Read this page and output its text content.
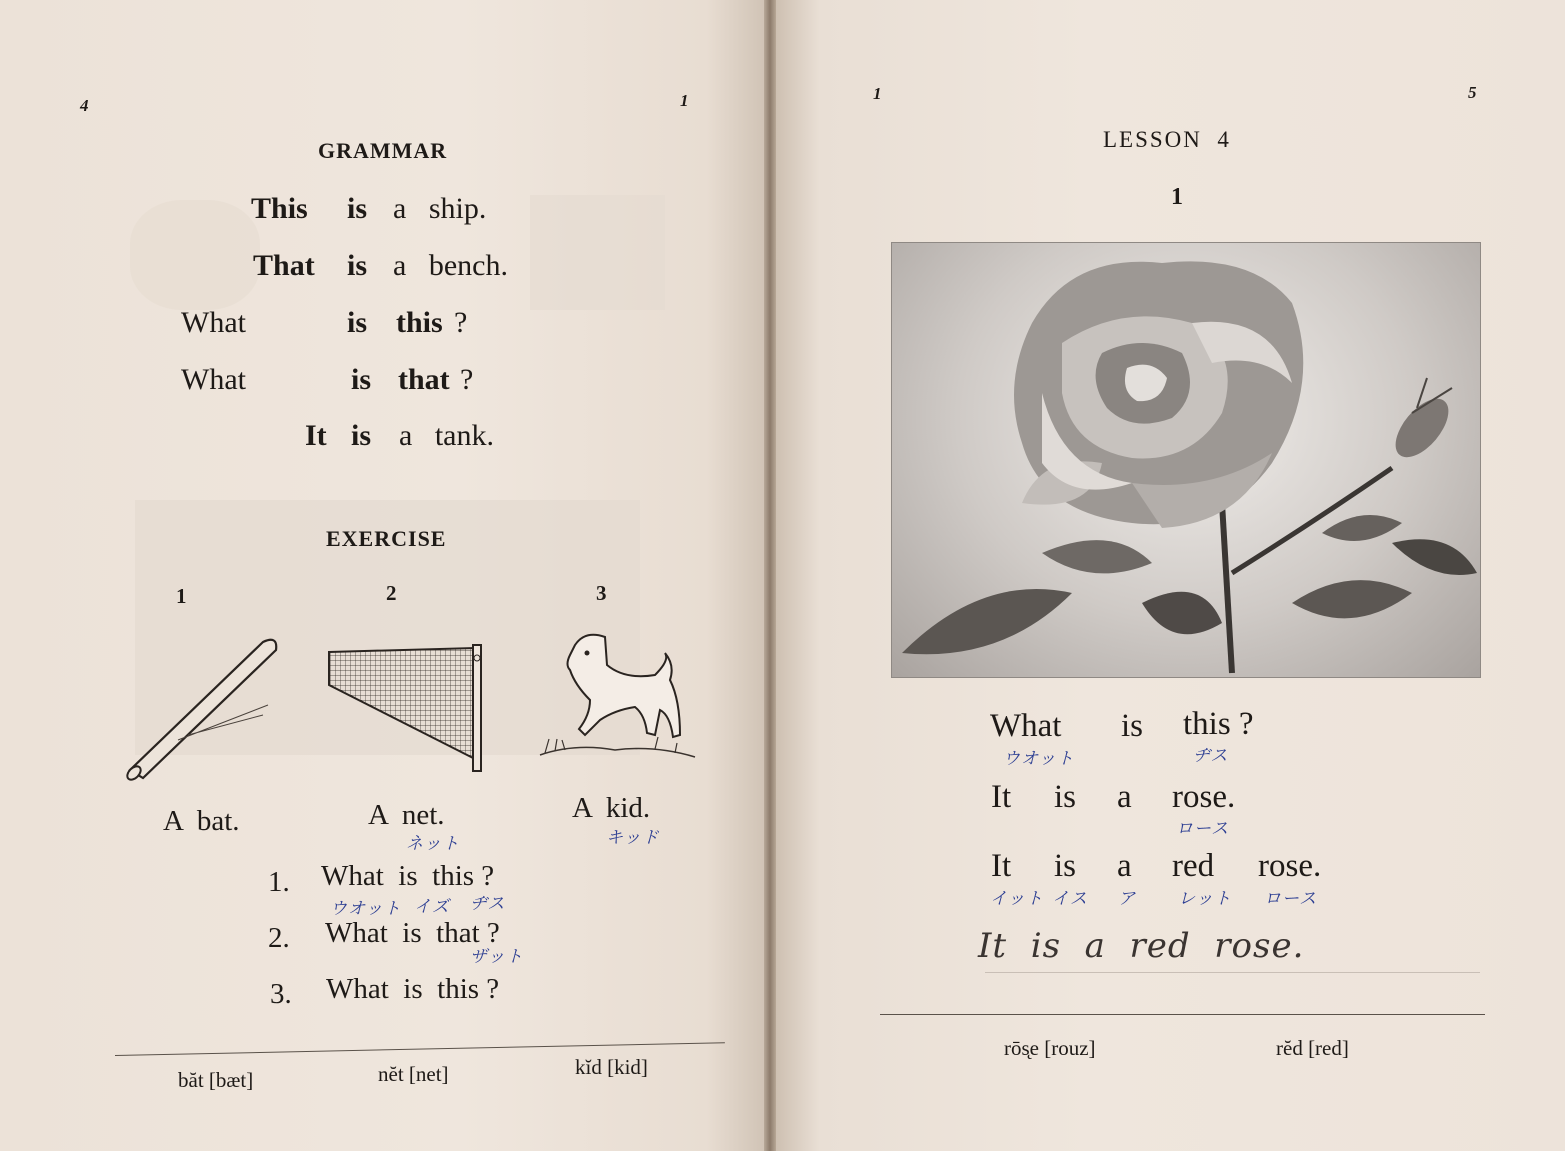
4	1
GRAMMAR
This is a   ship.
That is a   bench.
What	is this ?
What	is that ?
It is a   tank.
EXERCISE
1	2	3
A  bat.	A  net.
ネット
A  kid.
キッド
1. What  is  this ?
ウオット イズ ヂス
2. What  is  that ?
ザット
3. What  is  this ?
băt [bæt]	nĕt [net]	kĭd [kid]
1	5
LESSON  4
1
What is this ?
ウオット	ヂス
It is a rose.
ロース
It is a red rose.
イット イス ア レット ロース
It  is  a  red  rose.
rōs̨e [rouz]	rĕd [red]
